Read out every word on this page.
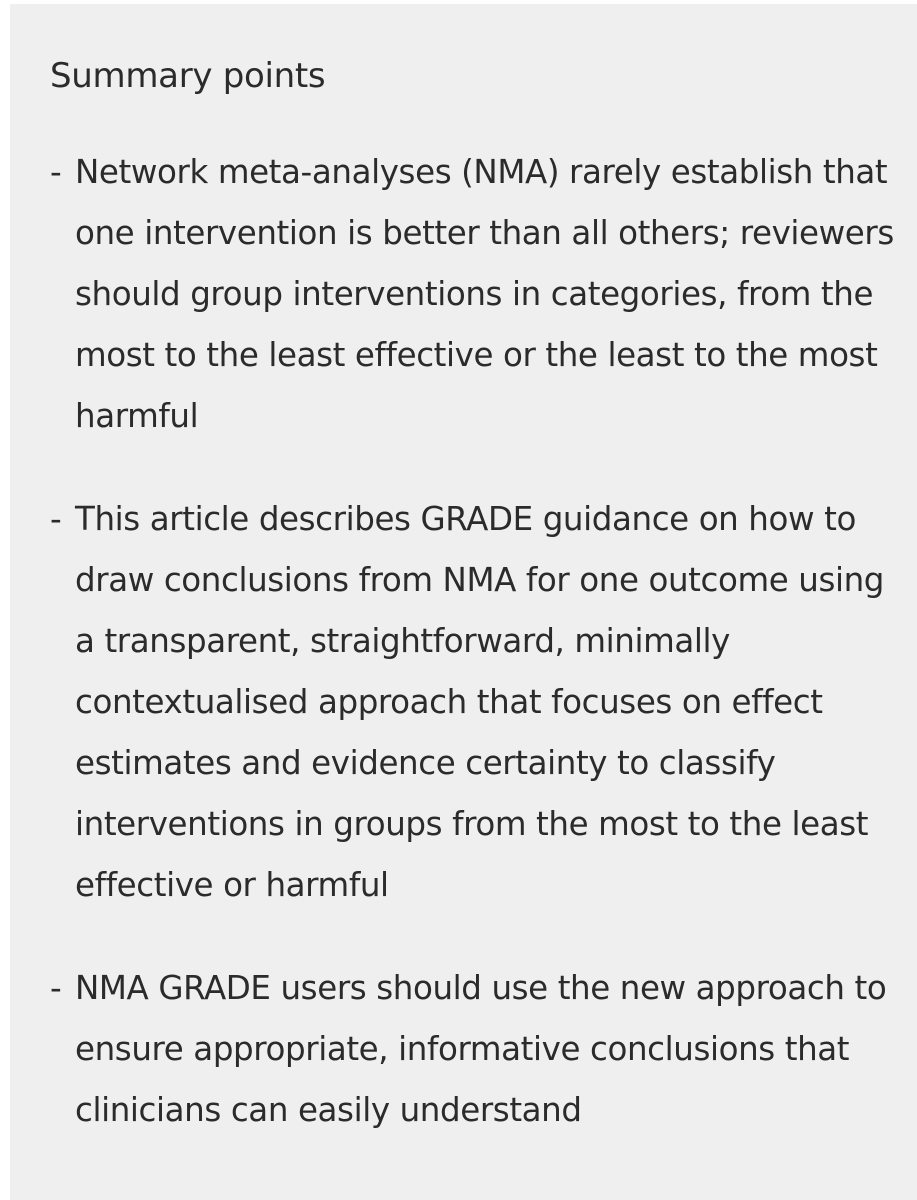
Summary points
- Network meta-analyses (NMA) rarely establish that one intervention is better than all others; reviewers should group interventions in categories, from the most to the least effective or the least to the most harmful
- This article describes GRADE guidance on how to draw conclusions from NMA for one outcome using a transparent, straightforward, minimally contextualised approach that focuses on effect estimates and evidence certainty to classify interventions in groups from the most to the least effective or harmful
- NMA GRADE users should use the new approach to ensure appropriate, informative conclusions that clinicians can easily understand
